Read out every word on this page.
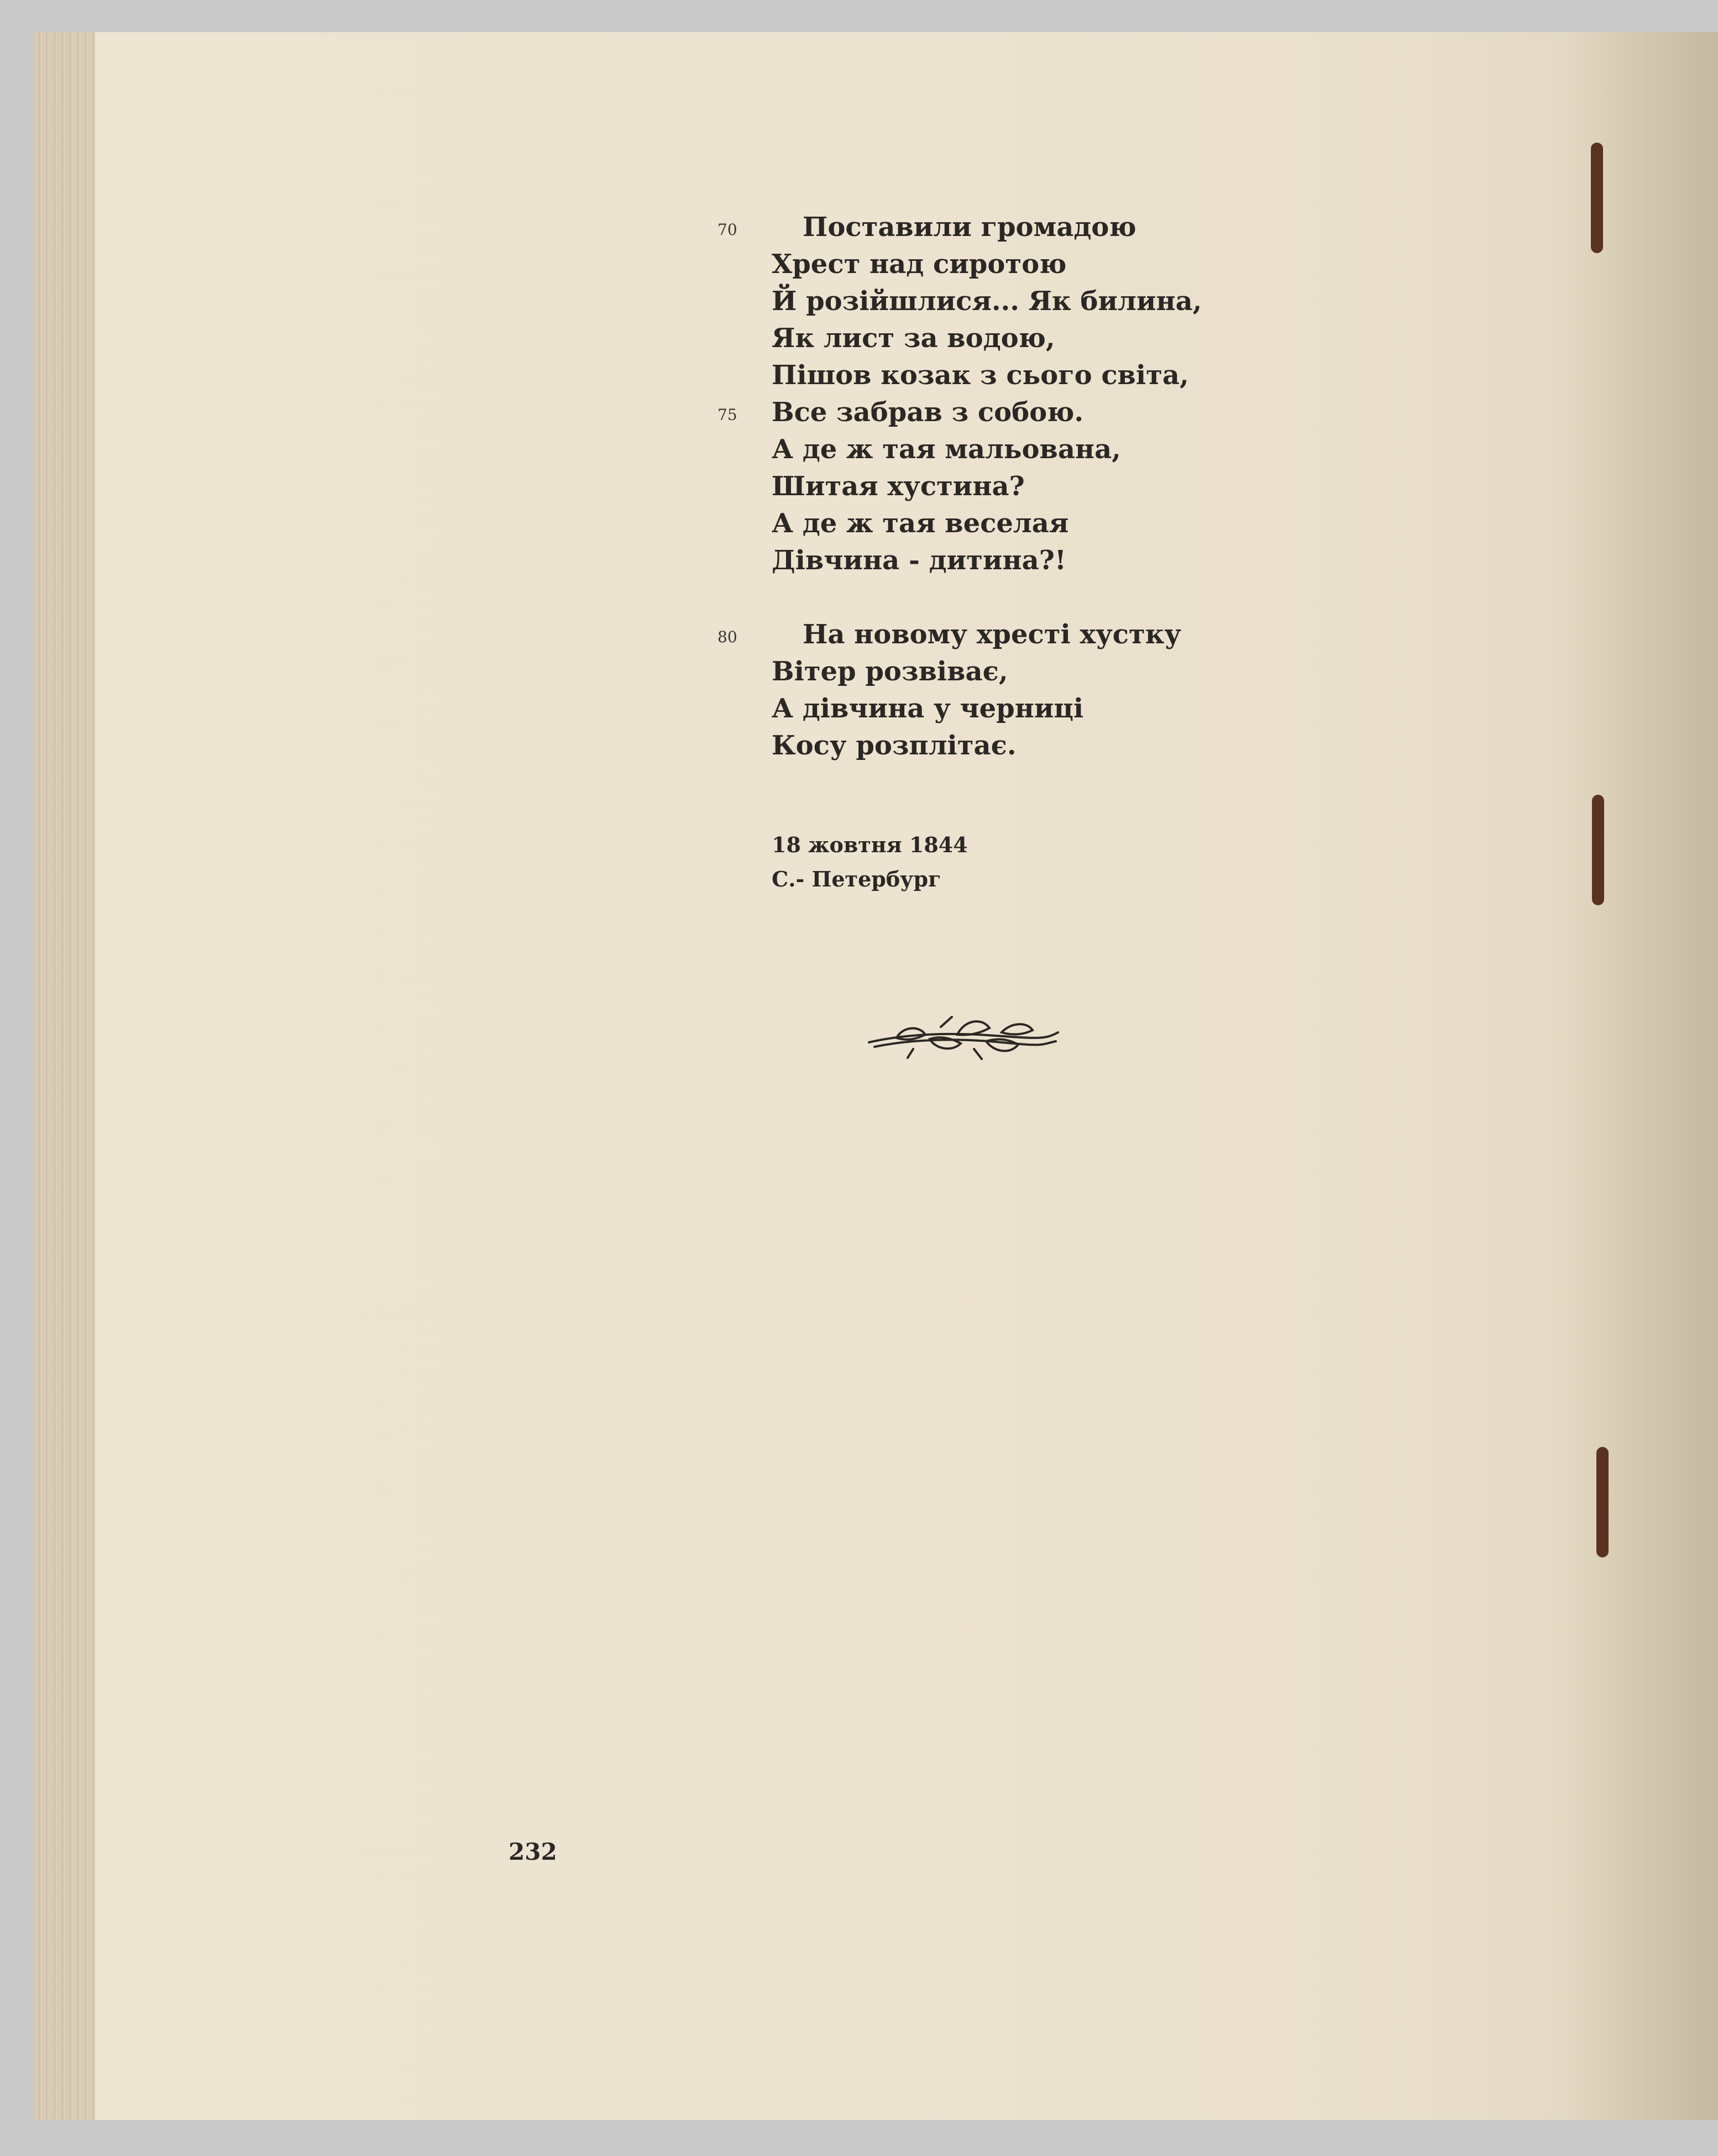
70 Поставили громадою
Хрест над сиротою
Й розійшлися... Як билина,
Як лист за водою,
Пішов козак з сього світа,
75 Все забрав з собою.
А де ж тая мальована,
Шитая хустина?
А де ж тая веселая
Дівчина - дитина?!
80 На новому хресті хустку
Вітер розвіває,
А дівчина у черниці
Косу розплітає.
18 жовтня 1844
С.- Петербург
232
